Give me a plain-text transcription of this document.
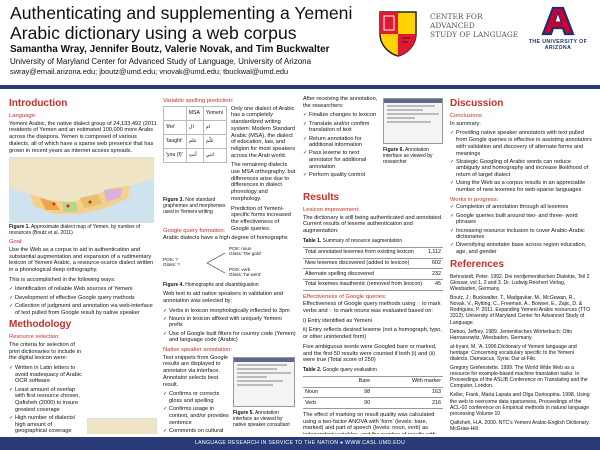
Authenticating and supplementing a Yemeni Arabic dictionary using a web corpus
Samantha Wray, Jennifer Boutz, Valerie Novak, and Tim Buckwalter
University of Maryland Center for Advanced Study of Language, University of Arizona
swray@email.arizona.edu; jboutz@umd.edu; vnovak@umd.edu; tbuckwal@umd.edu
CENTER FOR ADVANCED
STUDY OF LANGUAGE
THE UNIVERSITY OF ARIZONA
Introduction
Language:

Yemeni Arabic, the native dialect group of 24,133,492 (2011 residents of Yemen and an estimated 100,000 more Arabs across the diaspora. Yemen is composed of various dialects, all of which have a sparse web presence that has grown in recent years as internet access spreads.

Figure 1. Approximate dialect map of Yemen, by number of resources (Boutz et al. 2011)

Goal:

Use the Web as a corpus to aid in authentication and substantial augmentation and expansion of a rudimentary lexicon of Yemeni Arabic, a resource-scarce dialect written in a phonological deep orthography.

This is accomplished in the following ways:

✓ Identification of reliable Web sources of Yemeni
✓ Development of effective Google query methods
✓ Collection of judgment and annotation via web-interface of text pulled from Google result by native speaker
Methodology
Resource selection:

The criteria for selection of print dictionaries to include in the digital lexicon were:

✓ Written in Latin letters to avoid inadequacy of Arabic OCR software
✓ Least amount of overlap with first resource chosen, Qafisheh (2000) to insure greatest coverage
✓ High number of dialects/ high amount of geographical coverage

Variable spelling prediction:
	MSA	Yemeni
'the'	ال	ام
'taught'	علم	عَلّم
'you (f)'	أنتِ	انتي

Only one dialect of Arabic has a completely standardized writing system: Modern Standard Arabic (MSA), the dialect of education, law, and religion for most speakers across the Arab world.

The remaining dialects use MSA orthography, but differences arise due to differences in dialect phonology and morphology.

Prediction of Yemeni-specific forms increased the effectiveness of Google queries.

Figure 3. Non standard graphemes and morphemes used in Yemeni writing

Google query formation:

Arabic dialects have a high degree of homographs

POS: ?
Gloss: ?
POS: noun
Gloss: 'the gold'
POS: verb
Gloss: 'he went'

Figure 4. Homographs and disambiguation

Web text to aid native speakers in validation and annotation was selected by:

✓ Verbs in lexicon morphologically inflected to 3pm
✓ Nouns in lexicon affixed with uniquely Yemeni prefix
✓ Use of Google built filters for country code (Yemen) and language code (Arabic)
Native speaker annotation:

Text snippets from Google results are displayed to annotator via interface. Annotator selects best result.

✓ Confirms or corrects gloss and spelling
✓ Confirms usage in context, and/or provides sentence
✓ Comments on cultural

Figure 5. Annotation interface as viewed by native speaker consultant

After receiving the annotation, the researchers:

✓ Finalize changes to lexicon
✓ Translate and/or confirm translation of text
✓ Return annotation for additional information
✓ Pass lexeme to next annotator for additional annotation
✓ Perform quality control

Figure 6. Annotation interface as viewed by researcher

Results
Lexicon improvement:

The dictionary is still being authenticated and annotated. Current results of lexeme authentication and augmentation:

Table 1. Summary of resource augmentation

Total annotated lexemes from existing lexicon	1,112
New lexemes discovered (added to lexicon)	602
Alternate spelling discovered	232
Total lexemes inauthentic (removed from lexicon)	45
Effectiveness of Google queries:

Effectiveness of Google query methods using ◌ to mark verbs and ◌ to mark nouns was evaluated based on:

i) Entry identified as Yemeni

ii) Entry reflects desired lexeme (not a homograph, typo, or other unintended form)

Five ambiguous words were Googled bare or marked, and the first 50 results were counted if both (i) and (ii) were true (Total score of 250)

Table 2. Google query evaluation

	Bare	With marker
Noun	98	163
Verb	90	216

The effect of marking on result quality was calculated using a two-factor ANOVA with 'form' (levels: bare, marked) and part of speech (levels: noun, verb) as

Discussion
Conclusions:

In summary:

✓ Providing native speaker annotators with text pulled from Google queries is effective in assisting annotators with validation and discovery of alternate forms and meanings
✓ Strategic Googling of Arabic words can reduce ambiguity and homography and increase likelihood of return of target dialect
✓ Using the Web as a corpus results in an appreciable number of new lexemes for web-sparse languages
Works in progress:
✓ Completion of annotation through all lexemes
✓ Google queries built around two- and three- word phrases
✓ Increasing resource inclusion to cover Arabic-Arabic dictionaries
✓ Diversifying annotator base across region education, age, and gender
References

Behnstedt, Peter. 1992. Die nordjemenitischen Dialekte, Teil 2 Glossar, vol 1, 2 and 3. Dr. Ludwig Reichert Verlag, Wiesbaden, Germany.

Boutz, J.; Buckwalter, T., Madgavkar, M., McGowan, R., Novak, V., Rytting, C., Freeman, A., Bowser, E., Zajic, D. & Rodrigues, P. 2011. Expanding Yemeni Arabic resources (TTO 3312). University of Maryland Center for Advanced Study of Language.

Deboo, Jeffrey. 1989. Jemenitisches Wörterbuch: Otto Harrassowitz, Wiesbaden, Germany.

al-Iryani, M. 'A. 1996.Dictionary of Yemeni language and heritage: Concerning vocabulary specific to the Yemeni dialects. Damascus, Syria: Dar al-Fikr.

Gregory Grefenstette. 1999. The World Wide Web as a resource for example-based machine translation tasks. In Proceedings of the ASLIB Conference on Translating and the Computer, London.

Keller, Frank, Maria Lapata and Olga Ourioupina. 1998. Using the web to overcome data sparseness. Proceedings of the ACL-02 conference on Empirical methods in natural language processing Volume 10

Qafisheh, H.A. 2000. NTC's Yemeni Arabic-English Dictionary. McGraw-Hill.

LANGUAGE RESEARCH IN SERVICE TO THE NATION ● WWW.CASL.UMD.EDU
